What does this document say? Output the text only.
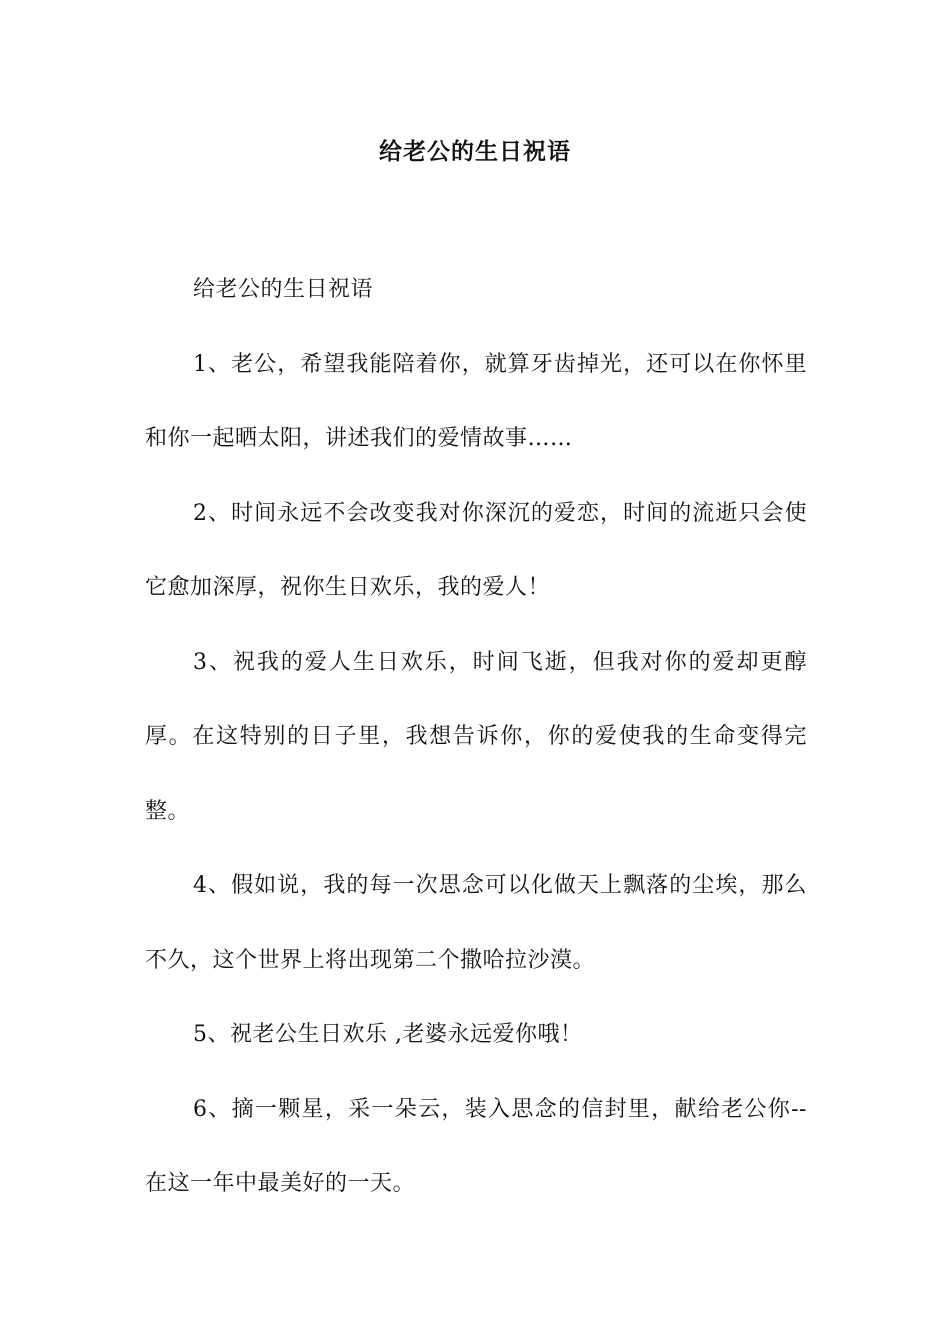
给老公的生日祝语

给老公的生日祝语

1、老公，希望我能陪着你，就算牙齿掉光，还可以在你怀里和你一起晒太阳，讲述我们的爱情故事……

2、时间永远不会改变我对你深沉的爱恋，时间的流逝只会使它愈加深厚，祝你生日欢乐，我的爱人！

3、祝我的爱人生日欢乐，时间飞逝，但我对你的爱却更醇厚。在这特别的日子里，我想告诉你，你的爱使我的生命变得完整。

4、假如说，我的每一次思念可以化做天上飘落的尘埃，那么不久，这个世界上将出现第二个撒哈拉沙漠。

5、祝老公生日欢乐 ,老婆永远爱你哦！

6、摘一颗星，采一朵云，装入思念的信封里，献给老公你--在这一年中最美好的一天。
